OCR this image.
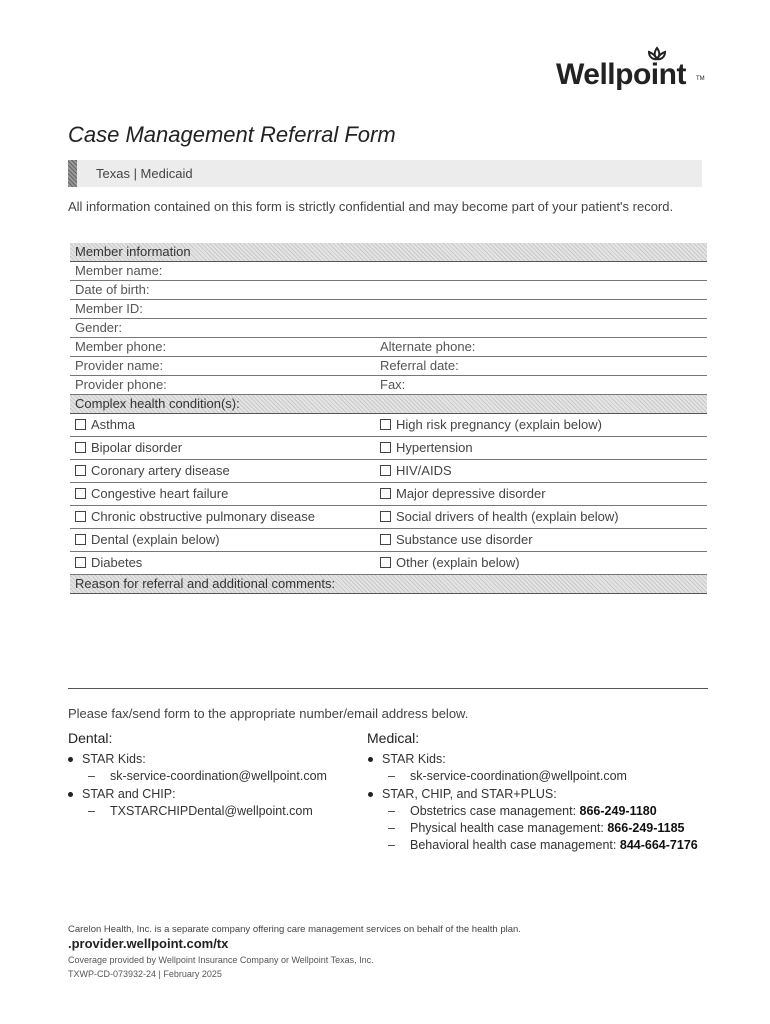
Wellpoint TM
Case Management Referral Form
Texas | Medicaid
All information contained on this form is strictly confidential and may become part of your patient's record.
Member information
Member name:
Date of birth:
Member ID:
Gender:
Member phone:	Alternate phone:
Provider name:	Referral date:
Provider phone:	Fax:
Complex health condition(s):
Asthma	High risk pregnancy (explain below)
Bipolar disorder	Hypertension
Coronary artery disease	HIV/AIDS
Congestive heart failure	Major depressive disorder
Chronic obstructive pulmonary disease	Social drivers of health (explain below)
Dental (explain below)	Substance use disorder
Diabetes	Other (explain below)
Reason for referral and additional comments:
Please fax/send form to the appropriate number/email address below.
Dental:	Medical:
STAR Kids:
– sk-service-coordination@wellpoint.com
STAR and CHIP:
– TXSTARCHIPDental@wellpoint.com
STAR Kids:
– sk-service-coordination@wellpoint.com
STAR, CHIP, and STAR+PLUS:
– Obstetrics case management: 866-249-1180
– Physical health case management: 866-249-1185
– Behavioral health case management: 844-664-7176
Carelon Health, Inc. is a separate company offering care management services on behalf of the health plan.
.provider.wellpoint.com/tx
Coverage provided by Wellpoint Insurance Company or Wellpoint Texas, Inc.
TXWP-CD-073932-24 | February 2025
